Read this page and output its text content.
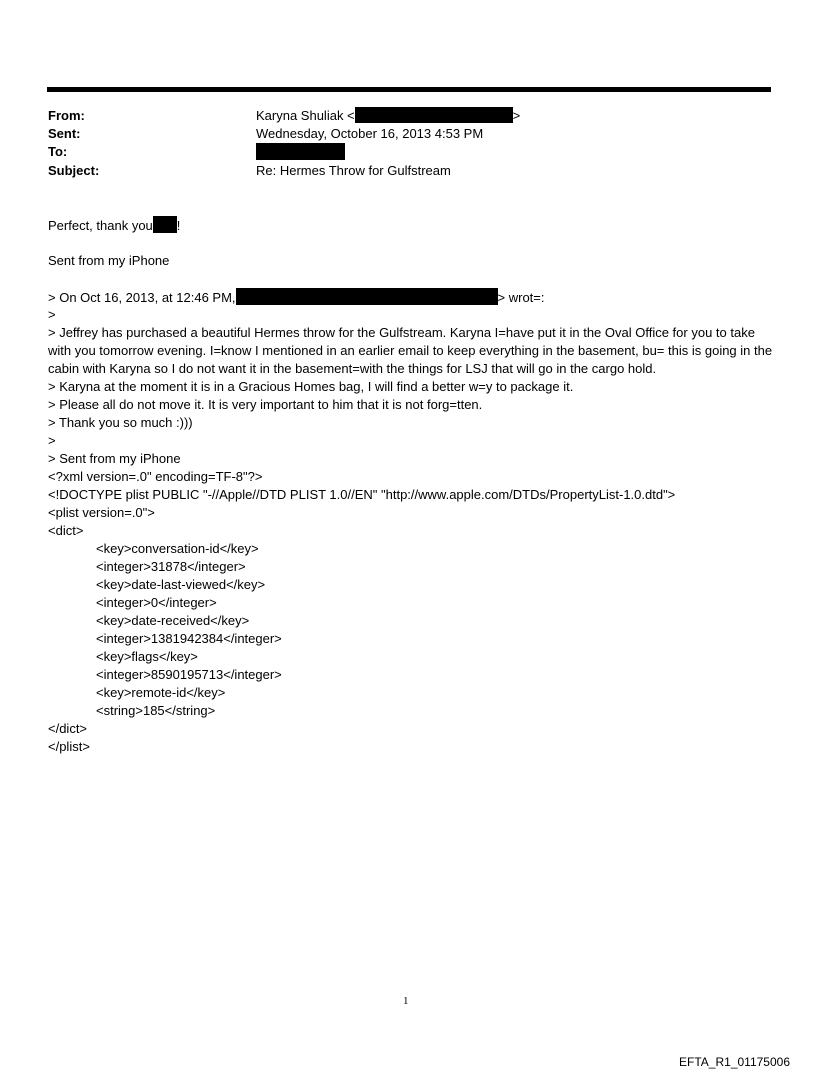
From:	Karyna Shuliak <	>
Sent:	Wednesday, October 16, 2013 4:53 PM
To:
Subject:	Re: Hermes Throw for Gulfstream
Perfect, thank you !
Sent from my iPhone
> On Oct 16, 2013, at 12:46 PM,	> wrot=:
>
> Jeffrey has purchased a beautiful Hermes throw for the Gulfstream. Karyna I=have put it in the Oval Office for you to take with you tomorrow evening. I=know I mentioned in an earlier email to keep everything in the basement, bu= this is going in the cabin with Karyna so I do not want it in the basement=with the things for LSJ that will go in the cargo hold.
> Karyna at the moment it is in a Gracious Homes bag, I will find a better w=y to package it.
> Please all do not move it. It is very important to him that it is not forg=tten.
> Thank you so much :)))
>
> Sent from my iPhone
<?xml version=.0" encoding=TF-8"?>
<!DOCTYPE plist PUBLIC "-//Apple//DTD PLIST 1.0//EN" "http://www.apple.com/DTDs/PropertyList-1.0.dtd">
<plist version=.0">
<dict>
<key>conversation-id</key>
<integer>31878</integer>
<key>date-last-viewed</key>
<integer>0</integer>
<key>date-received</key>
<integer>1381942384</integer>
<key>flags</key>
<integer>8590195713</integer>
<key>remote-id</key>
<string>185</string>
</dict>
</plist>
1
EFTA_R1_01175006
